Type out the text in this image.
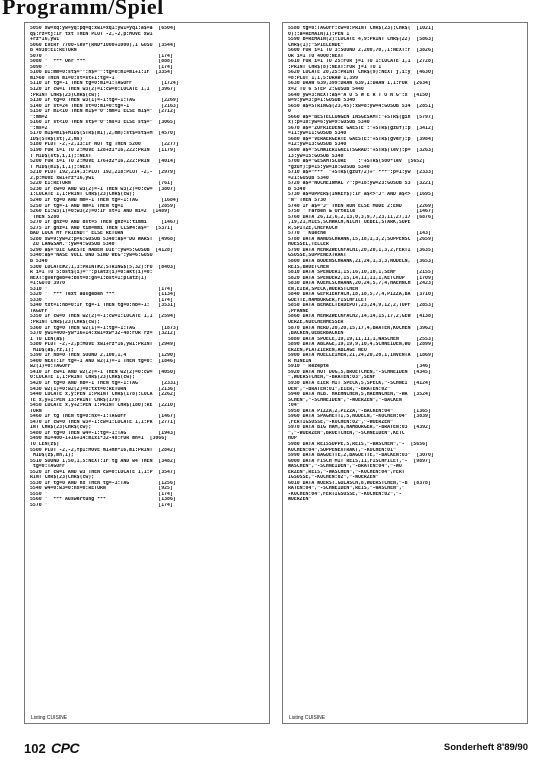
Programm/Spiel
5050 xw=xq:yw=yq:pq=q:xw1=xq1:yw1=yq1:a$=a  [6504]
q$:rz=tj:IF txt THEN PLOT -2,-2,p:MOVE xw1
+rz*16,yw1
5060 EVERY 7700-lev*(RND*1000+1000),1 GOSU  [3544]
B 4930:EI:RETURN
5070 '                                      [174]
5080 '  *** Uhr ***                         [888]
5090 '                                      [174]
5100 DI:mm=0:st$="":h$="":tg=0:m1=m1+1:IF  [3354]
m1>60 THEN m1=0:st=st+1:tg=-1
5110 IF tg=-1 THEN tg=0:m1=1:TAGOFF          [1724]
5120 IF cw=1 THEN w3(2)=1:cw=0:LOCATE 1,1   [3967]
:PRINT CHR$(23)CHR$(cw);
5130 IF tg=0 THEN w3(1)=-1:tg=-1:TAG         [2269]
5140 IF st=24 THEN st=0:m1=0:tg=-1           [2163]
5150 IF m1<10 THEN m1$="0":mm=1 ELSE m1$="  [2712]
":mm=2
5160 IF st<10 THEN st$="0":ms=3 ELSE st$="  [3065]
":ms=2
5170 m1$=m1$+MID$(STR$(m1),2,mm):st$=st$+M  [4570]
ID$(STR$(st),2,ms)
5180 PLOT -2,-2,13:IF NOT tg THEN 5200       [2277]
5190 FOR i=1 TO 2:MOVE 128+z1*16,222:PRIN   [1179]
T MID$(st$,i,1);:NEXT
5200 FOR i=1 TO 2:MOVE 176+z2*16,222:PRIN   [4014]
T MID$(m1$,i,1);:NEXT
5210 PLOT 192,214,3:PLOT 192,218:PLOT -2,-  [2979]
2,p:MOVE xw1+rz*16,yw1
5220 EI:RETURN                              [761]
5230 IF cw=0 AND w3(2)=-1 THEN w3(2)=0:cw=  [3807]
1:LOCATE 1,1:PRINT CHR$(23)CHR$(cw);
5240 IF tg=0 AND mm=-1 THEN tg=-1:TAG        [1684]
5250 IF tg=-1 AND mm=1 THEN tg=1            [2859]
5260 EI:w3(1)=0:w3(2)=0:IF st=1 AND mi=2  [1489]
THEN 5280
5270 IF gnz=0 AND bst=5 THEN gnz=1:timmi     [1467]
5275 IF gnz=1 AND tim=mmi THEN CLS#4:a$="  [5371]
BAD LUCK MY FRIEND!" ELSE RETURN
5280 xw=9:yw=2:p=6:GOSUB 5340:a$="DU WARST  [4968]
ZU LANGSAM.":yw=4:GOSUB 5340
5290 a$="DIE GAESTE HABEN DIE":yw=5:GOSUB  [4128]
5340:a$="NASE VOLL UND SIND WEG":yw=6:GOSU
B 5340
5300 LOCATE#2,1,3:PRINT#2,STRING$(5,32):FO  [8403]
R i=1 TO 5:bst$(i)="":platz(i)=0:akt(i)=0:
NEXT:gvergeb=4:bst=0:gn=1:bst=1:platz(1)
=1:GOTO 3970
5310 '                                      [174]
5320 '  *** Text ausgeben ***               [1134]
5330 '                                      [174]
5340 txt=1:hb=0:IF tg=-1 THEN tg=0:hb=-1:   [3531]
TAGOFF
5350 IF cw=0 THEN w2(2)=-1:cw=1:LOCATE 1,1  [2594]
:PRINT CHR$(23)CHR$(cw);
5360 IF tg=0 THEN w2(1)=-1:tg=-1:TAG         [1873]
5370 yw1=400-yw*16+14:xw1=xw*32-48:FOR rz=  [3212]
1 TO LEN(a$)
5380 PLOT -2,-2,p:MOVE xw1+rz*16,yw1:PRINT  [2949]
MID$(a$,rz,1);
5390 IF hb=0 THEN SOUND 2,100,1,4           [1290]
5400 NEXT:IF tg=-1 AND w2(1)=-1 THEN tg=0:  [1846]
w2(1)=0:TAGOFF
5410 IF cw=1 AND w2(2)=-1 THEN w2(2)=0:cw=  [4050]
0:LOCATE 1,1:PRINT CHR$(23)CHR$(cw);
5420 IF tg=0 AND hb=-1 THEN tg=-1:TAG        [2331]
5430 w2(1)=0:w2(2)=0:txt=0:RETURN           [2136]
5440 LOCATE x,y:PEN 1:PRINT CHR$(178):LOCA  [2262]
TE x,y+1:PEN 13:PRINT CHR$(179)
5450 LOCATE x,y+2:PEN 1:PRINT CHR$(180):RE  [2210]
TURN
5460 IF tg THEN tg=0:nx=-1:TAGOFF           [1467]
5470 IF cw=0 THEN w3=-1:cw=1:LOCATE 1,1:PR  [2771]
INT CHR$(23)CHR$(cw);
5480 IF tg=0 THEN w4=-1:tg=-1:TAG           [1943]
5490 m1=400-1+16+14:m1x1*32-48:FOR mn=1  [3066]
TO LEN(z$)
5500 PLOT -2,-2,fp1:MOVE m1+mn*16,m1:PRINT  [2842]
MID$(z$,mn,1);
5510 SOUND 1,50,1,5:NEXT:IF tg AND w4 THEN  [3482]
tg=0:TAGOFF
5520 IF cw=1 AND w3 THEN cw=0:LOCATE 1,1:P  [3547]
RINT CHR$(23)CHR$(cw);
5530 IF tg=0 AND nx THEN tg=-1:TAG          [1256]
5540 w4=0:w3=0:nx=0:RETURN                  [925]
5550 '                                      [174]
5560 '  *** Auswertung ***                  [1386]
5570 '                                      [174]
Listing CUISINE
5580 tg=0:TAGOFF:cw=0:PRINT CHR$(23);CHR$(  [1021]
0);:a=REMAIN(1):PEN 1
5590 b=REMAIN(2):LOCATE 4,9:PRINT CHR$(22)  [5863]
CHR$(1);"SPIELENDE"
5600 FOR i=1 TO 3:SOUND 2,200,70,,1:NEXT:F  [3826]
OR i=1 TO 4000:NEXT
5610 FOR i=1 TO 25:FOR j=1 TO 1:LOCATE 1,1  [2728]
:PRINT CHR$(8):NEXT:FOR j=1 TO 1
5620 LOCATE 20,25:PRINT CHR$(9):NEXT j,i:y  [4630]
=8:PLOT 1,1,5:DRAW 1,399
5630 DRAW 639,399:DRAW 639,1:DRAW 1,1:FOR  [2634]
x=2 TO 6 STEP 2:GOSUB 5440
5640 yw=3:NEXT:a$="A U S W E R T U N G":x  [4150]
w=9:yw=3:p=1:GOSUB 5340
5650 a$=STRING$(23,45):xw=8:yw=4:GOSUB 534  [2851]
0
5660 a$="BESTELLUNGEN INSGESAMT:"+STR$(gin  [5797]
x):p=10:yw=6:yw=9:GOSUB 5340
5670 a$="ZUFRIEDENE GAESTE :"+STR$(gzuf):p  [3412]
=11:yw=11:GOSUB 5340
5680 a$="VERAERGERTE GAESTE:"+STR$(gver):p  [3984]
=12:yw=13:GOSUB 5340
5690 a$="SCHWIERIGKEITSGRAD:"+STR$(lev):p=  [3263]
13:yw=15:GOSUB 5340
5700 a$="GESAMTSCORE    :"+STR$(500*lev  [5652]
*gzuf):p=15:yw=18:GOSUB 5340
5710 a$="***  "+STR$(gzuf/2)+" ***":p=1:yw  [2333]
=21:GOSUB 5340
5720 a$="NOCHEINMAL ?":p=18:yw=23:GOSUB 53  [3221]
B 5340
5730 a$=UPPER$(INKEY$):IF a$<>"J" AND a$<>  [1695]
"N" THEN 5730
5740 IF a$="J" THEN RUN ELSE MODE 2:END     [2269]
5750 ' Farben & Urteile                     [1467]
5760 DATA 26,12,6,2,13,0,3,9,7,23,11,27,17  [6876]
,19,21,MIES,SCHWACH,NICHT UEBEL,STARK,SUPE
R,SPITZE,CHEFKOCH
5770 ' Kueche                               [143]
5780 DATA WANDSCHRANK,15,18,1,3,2,SUPPENSC  [2659]
HUESSEL,TELLER
5790 DATA MEHRZWECKFACH1,20,20,1,3,2,FERTI  [3635]
GSOSSE,SUPPENEXTRAKT
5800 DATA BODENSCHRANK,21,24,1,3,3,NUDELN,  [3653]
REIS,BROETCHEN
5810 DATA SPENDER1,15,16,10,10,1,SENF       [2155]
5820 DATA SPENDER2,15,14,11,11,1,KETCHUP    [1709]
5830 DATA KUEHLSCHRANK,20,24,5,7,4,HAEHNCH  [2423]
EN,EIER,SPECK,WUERSTCHEN
5840 DATA GEFRIERFACH,18,18,5,7,4,PIZZA,BA  [3710]
GUETTE,HAMBURGER,FISCHFILET
5850 DATA BEHAELTERDEPOT,23,24,9,12,2,TOPF  [2853]
,PFANNE
5860 DATA MEHRZWECKFACH2,14,14,15,17,2,GEW  [4138]
UERZE,KUECHENMESSER
5870 DATA HERD,20,20,15,17,4,BRATEN,KOCHEN  [3962]
,BACKEN,UEBERBACKEN
5880 DATA SPUELE,19,19,11,11,1,WASCHEN      [2553]
5890 DATA ABLAGE,19,19,9,10,4,SCHNEIDEN,WU  [2899]
ERZEN,PLATZIEREN,ABLAGE NEU
5900 DATA MUELLEIMER,21,24,20,20,1,INVENTA  [1869]
R HINEIN
5910 ' Rezepte                              [346]
5920 DATA HOT DOG,5,BROETCHEN,"-SCHNEIDEN  [4345]
",WUERSTCHEN,"-BRATEN:03",SENF
5930 DATA EIER MIT SPECK,5,SPECK,"-SCHNEI  [4124]
DEN","-BRATEN:01",EIER,"-BRATEN:02"
5940 DATA HLB. HAEHNCHEN,5,HAEHNCHEN,"-WA  [3524]
SCHEN","-SCHNEIDEN","-WUERZEN","-BACKEN
:04"
5950 DATA PIZZA,2,PIZZA,"-BACKEN:04"       [1365]
5960 DATA SPAGHETTI,5,NUDELN,"-KOCHEN:04"  [3839]
,FERTIGSOSSE,"-KOCHEN:02","-WUERZEN"
5970 DATA BIG HAM,6,HAMBURGER,"-BRATEN:03  [4392]
","-WUERZEN",BROETCHEN,"-SCHNEIDEN",KETC
HUP
5980 DATA REISSUPPE,5,REIS,"-WASCHEN","-  [5656]
KOCHEN:04",SUPPENEXTRAKT,"-KOCHEN:01"
5990 DATA BAGUETTE,2,BAGUETTE,"-BACKEN:03"  [3070]
6000 DATA FISCH MIT REIS,11,FISCHFILET,"-  [9897]
WASCHEN","-SCHNEIDEN","-BRATEN:04","-WU
ERZEN",REIS,"-WASCHEN","-KOCHEN:04",FERT
IGSOSSE,"-KOCHEN:02","-WUERZEN"
6010 DATA WUERST.GULASCH,8,WUERSTCHEN,"-B  [8378]
RATEN:04","-SCHNEIDEN",REIS,"-WASCHEN","
-KOCHEN:04",FERTIGSOSSE,"-KOCHEN:02","-
WUERZEN"
Listing CUISINE
102 CPC	Sonderheft 8'89/90
